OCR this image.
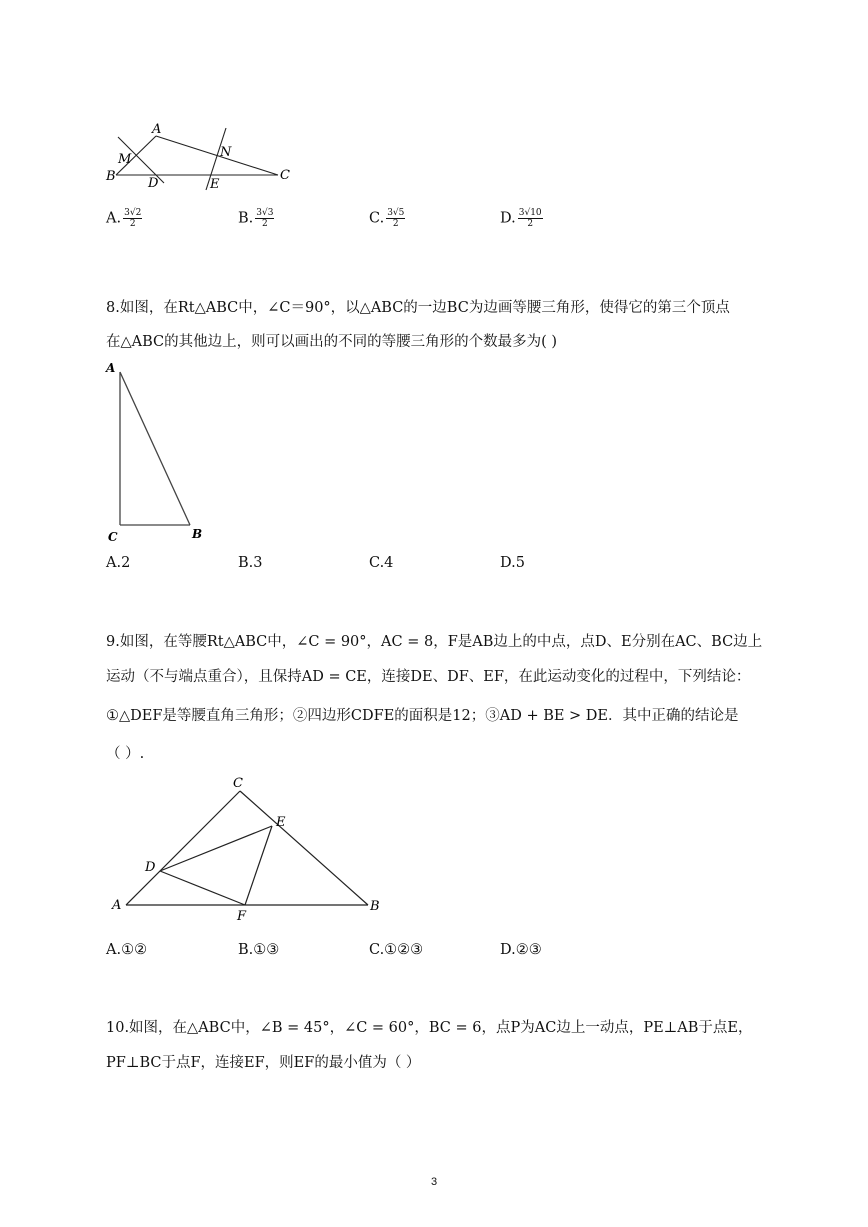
A
M	N
B D	E
C
A. $\frac{3√2}{2}$	B. $\frac{3√3}{2}$	C. $\frac{3√5}{2}$	D. $\frac{3√10}{2}$
8.如图，在Rt△ABC中，∠C＝90°，以△ABC的一边BC为边画等腰三角形，使得它的第三个顶点
在△ABC的其他边上，则可以画出的不同的等腰三角形的个数最多为( )
A
C	B
A.2	B.3	C.4	D.5
9.如图，在等腰Rt△ABC中，∠C = 90°，AC = 8，F是AB边上的中点，点D、E分别在AC、BC边上
运动（不与端点重合），且保持AD = CE，连接DE、DF、EF，在此运动变化的过程中，下列结论：
①△DEF是等腰直角三角形；②四边形CDFE的面积是12；③AD + BE > DE．其中正确的结论是
（ ）.
C
E
D
A
F
B
A.①②	B.①③	C.①②③	D.②③
10.如图，在△ABC中，∠B = 45°，∠C = 60°，BC = 6，点P为AC边上一动点，PE⊥AB于点E，
PF⊥BC于点F，连接EF，则EF的最小值为（ ）
3
